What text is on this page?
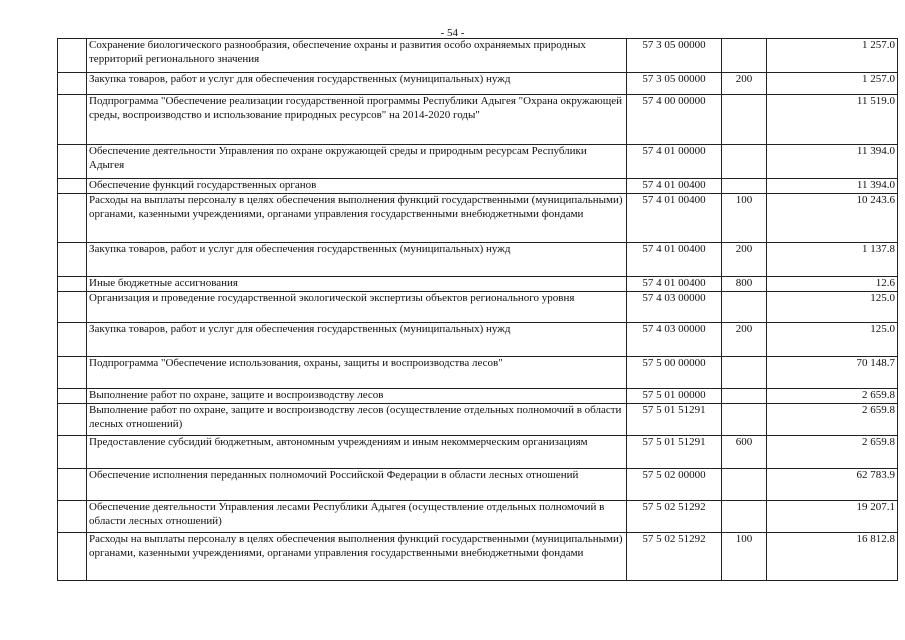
- 54 -
	Сохранение биологического разнообразия, обеспечение охраны и развития особо охраняемых природных территорий регионального значения	57 3 05 00000		1 257.0
	Закупка товаров, работ и услуг для обеспечения государственных (муниципальных) нужд	57 3 05 00000	200	1 257.0
	Подпрограмма "Обеспечение реализации государственной программы Республики Адыгея "Охрана окружающей среды, воспроизводство и использование природных ресурсов" на 2014-2020 годы"	57 4 00 00000		11 519.0
	Обеспечение деятельности Управления по охране окружающей среды и природным ресурсам Республики Адыгея	57 4 01 00000		11 394.0
	Обеспечение функций государственных органов	57 4 01 00400		11 394.0
	Расходы на выплаты персоналу в целях обеспечения выполнения функций государственными (муниципальными) органами, казенными учреждениями, органами управления государственными внебюджетными фондами	57 4 01 00400	100	10 243.6
	Закупка товаров, работ и услуг для обеспечения государственных (муниципальных) нужд	57 4 01 00400	200	1 137.8
	Иные бюджетные ассигнования	57 4 01 00400	800	12.6
	Организация и проведение государственной экологической экспертизы объектов регионального уровня	57 4 03 00000		125.0
	Закупка товаров, работ и услуг для обеспечения государственных (муниципальных) нужд	57 4 03 00000	200	125.0
	Подпрограмма "Обеспечение использования, охраны, защиты и воспроизводства лесов"	57 5 00 00000		70 148.7
	Выполнение работ по охране, защите и воспроизводству лесов	57 5 01 00000		2 659.8
	Выполнение работ по охране, защите и воспроизводству лесов (осуществление отдельных полномочий в области лесных отношений)	57 5 01 51291		2 659.8
	Предоставление субсидий бюджетным, автономным учреждениям и иным некоммерческим организациям	57 5 01 51291	600	2 659.8
	Обеспечение исполнения переданных полномочий Российской Федерации в области лесных отношений	57 5 02 00000		62 783.9
	Обеспечение деятельности Управления лесами Республики Адыгея (осуществление отдельных полномочий в области лесных отношений)	57 5 02 51292		19 207.1
	Расходы на выплаты персоналу в целях обеспечения выполнения функций государственными (муниципальными) органами, казенными учреждениями, органами управления государственными внебюджетными фондами	57 5 02 51292	100	16 812.8
